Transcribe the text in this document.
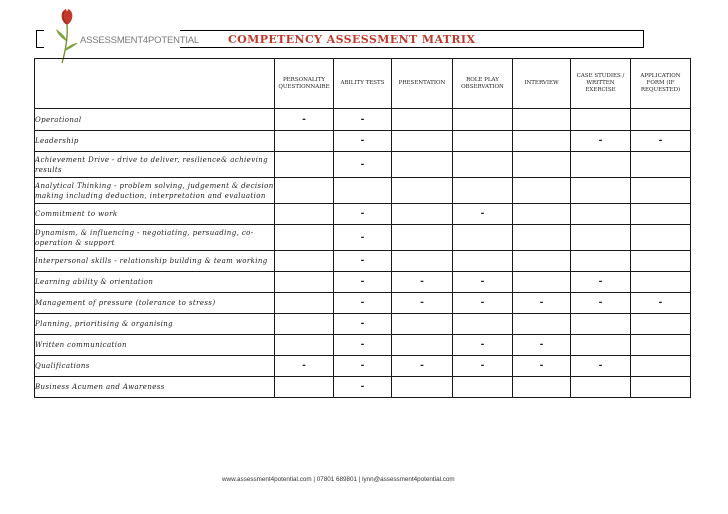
ASSESSMENT4POTENTIAL	COMPETENCY ASSESSMENT MATRIX
	PERSONALITY QUESTIONNAIRE	ABILITY TESTS	PRESENTATION	ROLE PLAY OBSERVATION	INTERVIEW	CASE STUDIES / WRITTEN EXERCISE	APPLICATION FORM (IF REQUESTED)
Operational	-	-					
Leadership		-				-	-
Achievement Drive - drive to deliver, resilience& achieving results		-					
Analytical Thinking - problem solving, judgement & decision making including deduction, interpretation and evaluation							
Commitment to work		-		-			
Dynamism, & influencing - negotiating, persuading, co-operation & support		-					
Interpersonal skills - relationship building & team working		-					
Learning ability & orientation		-	-	-		-	
Management of pressure (tolerance to stress)		-	-	-	-	-	-
Planning, prioritising & organising		-					
Written communication		-		-	-		
Qualifications	-	-	-	-	-	-	
Business Acumen and Awareness		-					
www.assessment4potential.com | 07801 689801 | lynn@assessment4potential.com
